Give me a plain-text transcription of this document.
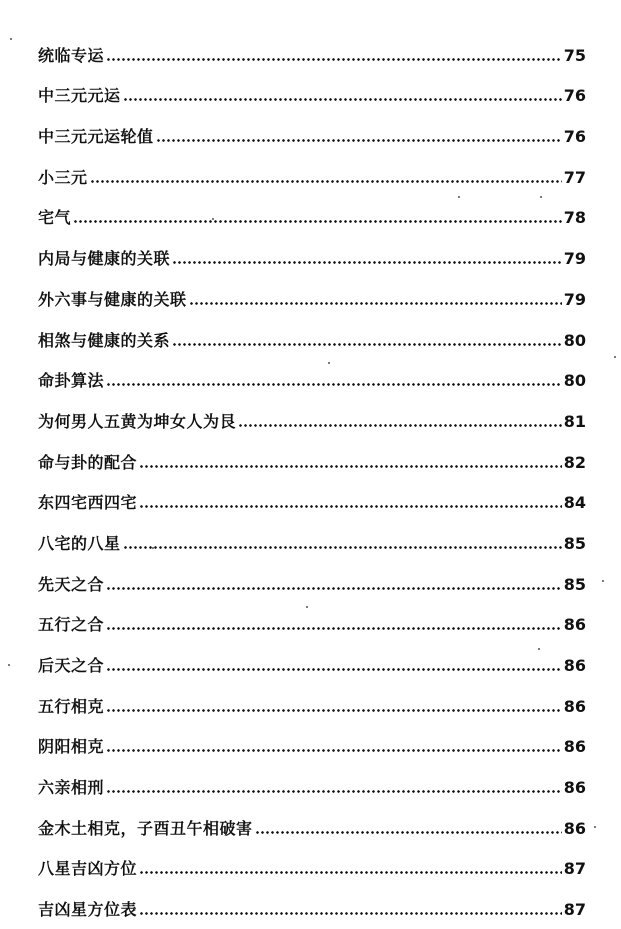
统临专运	75
中三元元运	76
中三元元运轮值	76
小三元	77
宅气	78
内局与健康的关联	79
外六事与健康的关联	79
相煞与健康的关系	80
命卦算法	80
为何男人五黄为坤女人为艮	81
命与卦的配合	82
东四宅西四宅	84
八宅的八星	85
先天之合	85
五行之合	86
后天之合	86
五行相克	86
阴阳相克	86
六亲相刑	86
金木土相克，子酉丑午相破害	86
八星吉凶方位	87
吉凶星方位表	87
